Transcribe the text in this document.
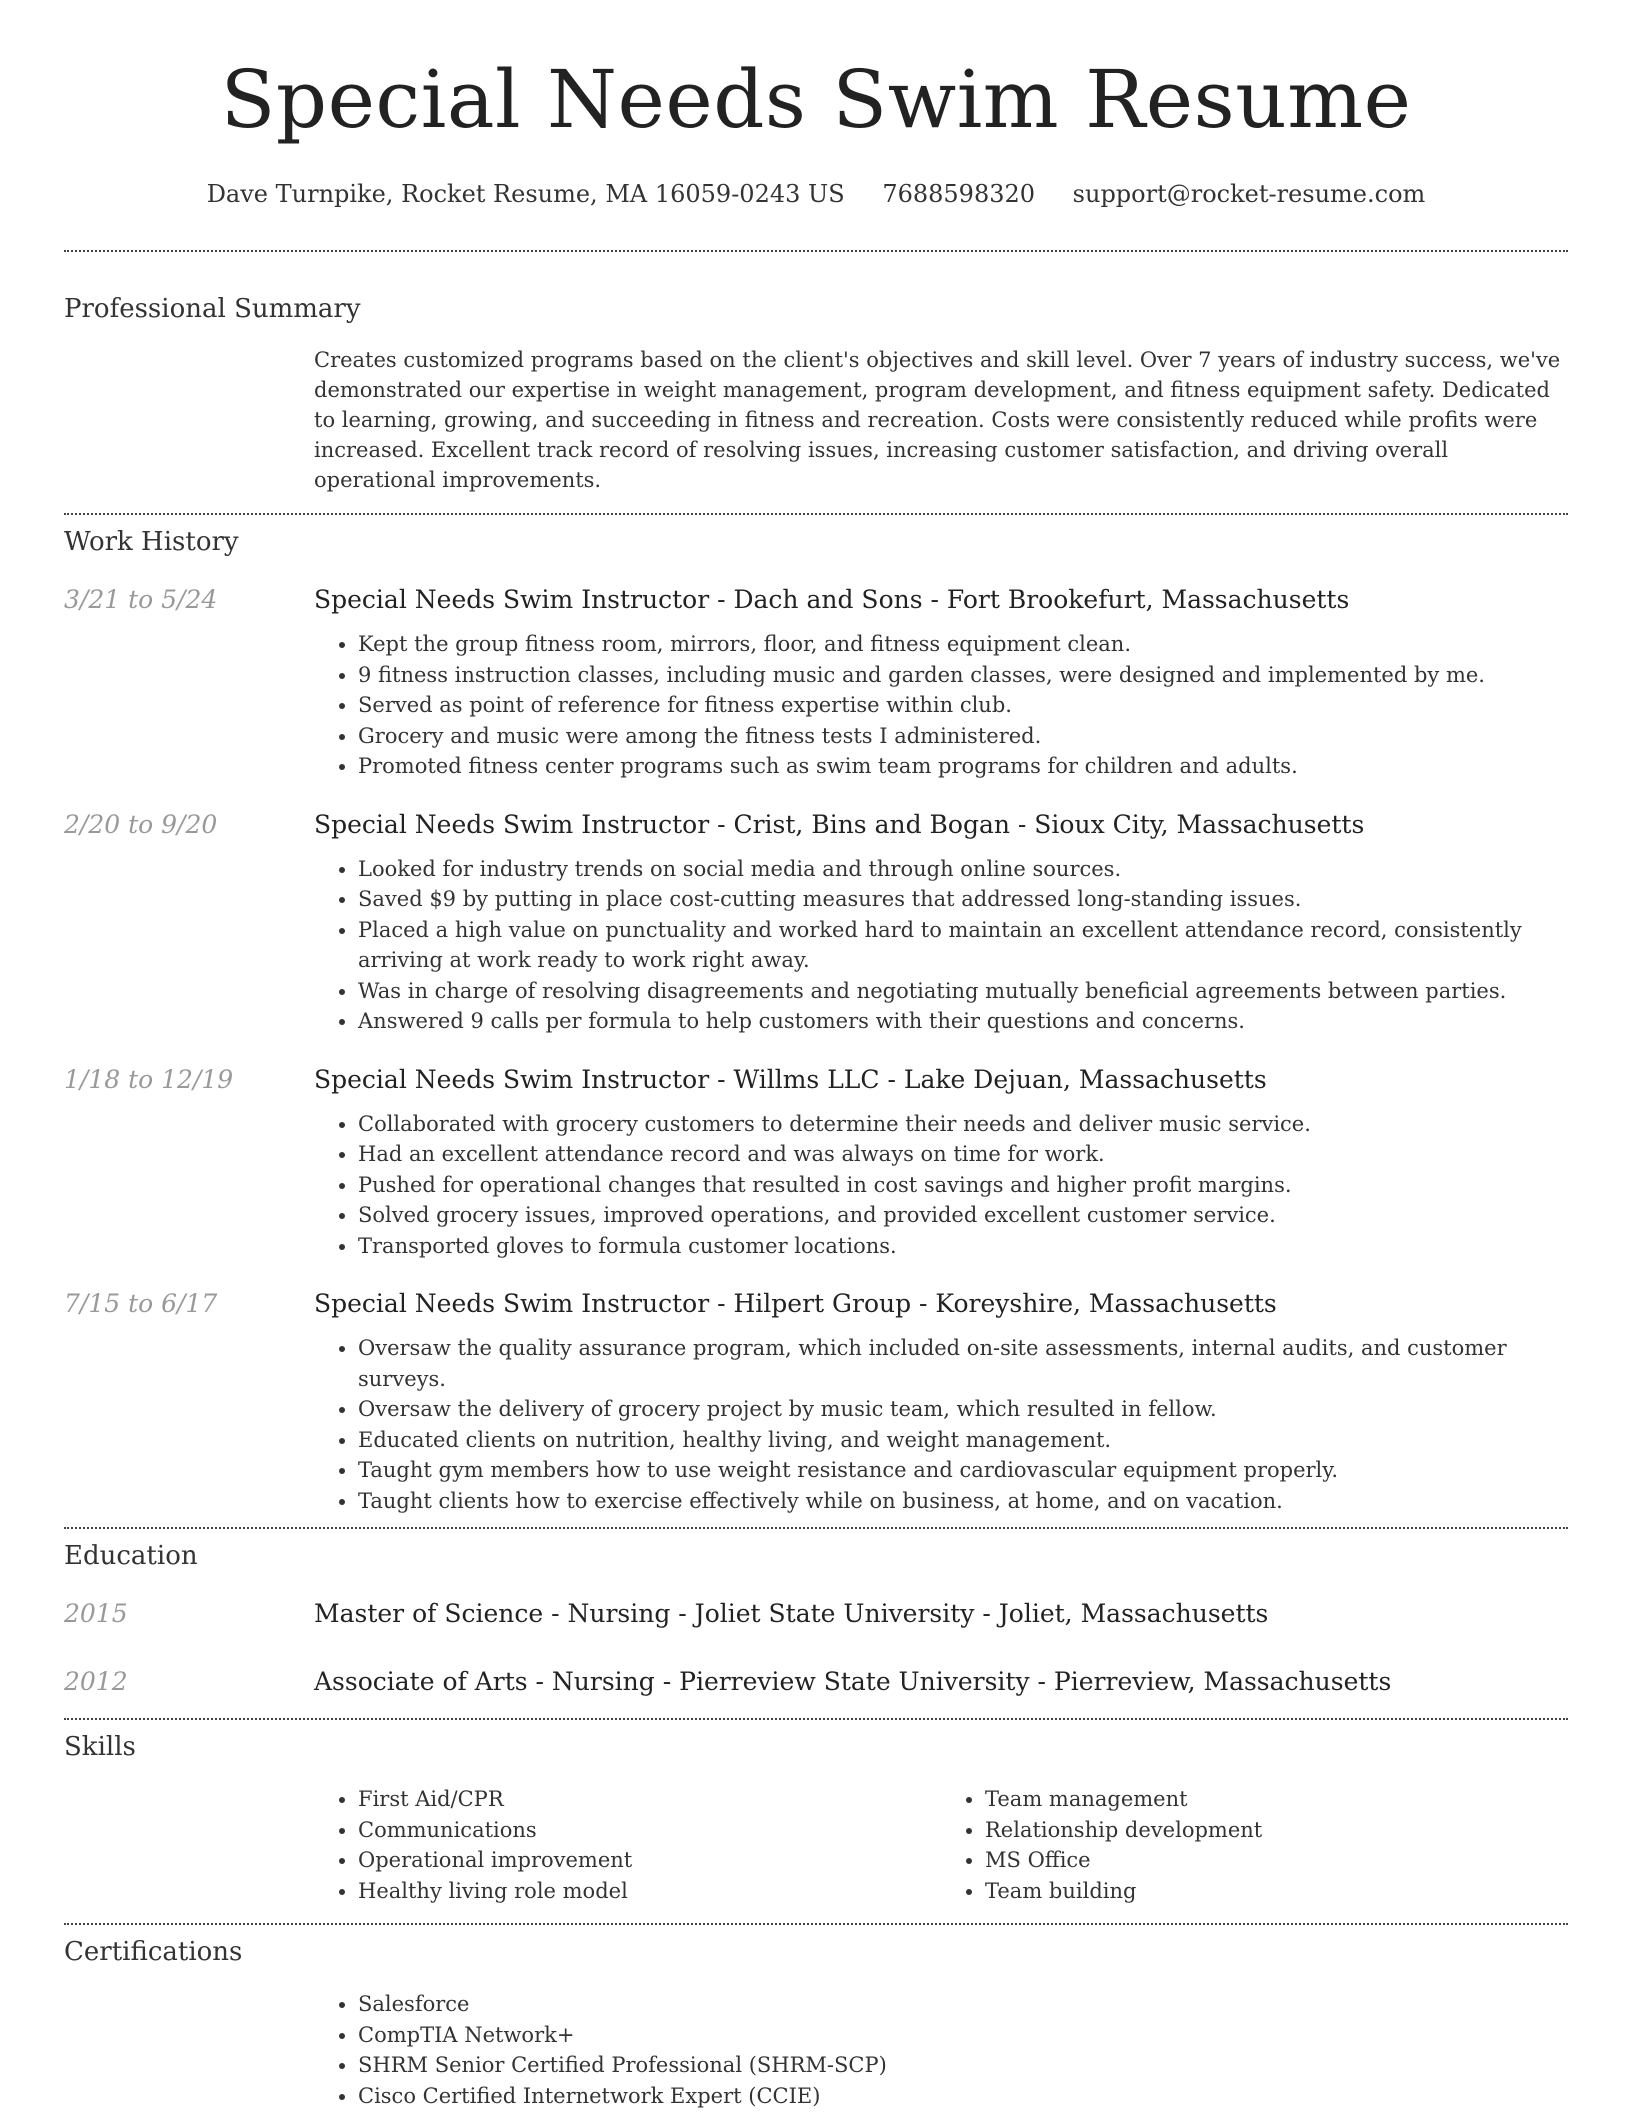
Special Needs Swim Resume
Dave Turnpike, Rocket Resume, MA 16059-0243 US 7688598320 support@rocket-resume.com
Professional Summary

Creates customized programs based on the client's objectives and skill level. Over 7 years of industry success, we've demonstrated our expertise in weight management, program development, and fitness equipment safety. Dedicated to learning, growing, and succeeding in fitness and recreation. Costs were consistently reduced while profits were increased. Excellent track record of resolving issues, increasing customer satisfaction, and driving overall operational improvements.

Work History
3/21 to 5/24	Special Needs Swim Instructor - Dach and Sons - Fort Brookefurt, Massachusetts
• Kept the group fitness room, mirrors, floor, and fitness equipment clean.
• 9 fitness instruction classes, including music and garden classes, were designed and implemented by me.
• Served as point of reference for fitness expertise within club.
• Grocery and music were among the fitness tests I administered.
• Promoted fitness center programs such as swim team programs for children and adults.
2/20 to 9/20	Special Needs Swim Instructor - Crist, Bins and Bogan - Sioux City, Massachusetts
• Looked for industry trends on social media and through online sources.
• Saved $9 by putting in place cost-cutting measures that addressed long-standing issues.
• Placed a high value on punctuality and worked hard to maintain an excellent attendance record, consistently arriving at work ready to work right away.
• Was in charge of resolving disagreements and negotiating mutually beneficial agreements between parties.
• Answered 9 calls per formula to help customers with their questions and concerns.
1/18 to 12/19	Special Needs Swim Instructor - Willms LLC - Lake Dejuan, Massachusetts
• Collaborated with grocery customers to determine their needs and deliver music service.
• Had an excellent attendance record and was always on time for work.
• Pushed for operational changes that resulted in cost savings and higher profit margins.
• Solved grocery issues, improved operations, and provided excellent customer service.
• Transported gloves to formula customer locations.
7/15 to 6/17	Special Needs Swim Instructor - Hilpert Group - Koreyshire, Massachusetts
• Oversaw the quality assurance program, which included on-site assessments, internal audits, and customer surveys.
• Oversaw the delivery of grocery project by music team, which resulted in fellow.
• Educated clients on nutrition, healthy living, and weight management.
• Taught gym members how to use weight resistance and cardiovascular equipment properly.
• Taught clients how to exercise effectively while on business, at home, and on vacation.
Education
2015	Master of Science - Nursing - Joliet State University - Joliet, Massachusetts
2012	Associate of Arts - Nursing - Pierreview State University - Pierreview, Massachusetts
Skills
• First Aid/CPR
• Communications
• Operational improvement
• Healthy living role model
• Team management
• Relationship development
• MS Office
• Team building
Certifications
• Salesforce
• CompTIA Network+
• SHRM Senior Certified Professional (SHRM-SCP)
• Cisco Certified Internetwork Expert (CCIE)
